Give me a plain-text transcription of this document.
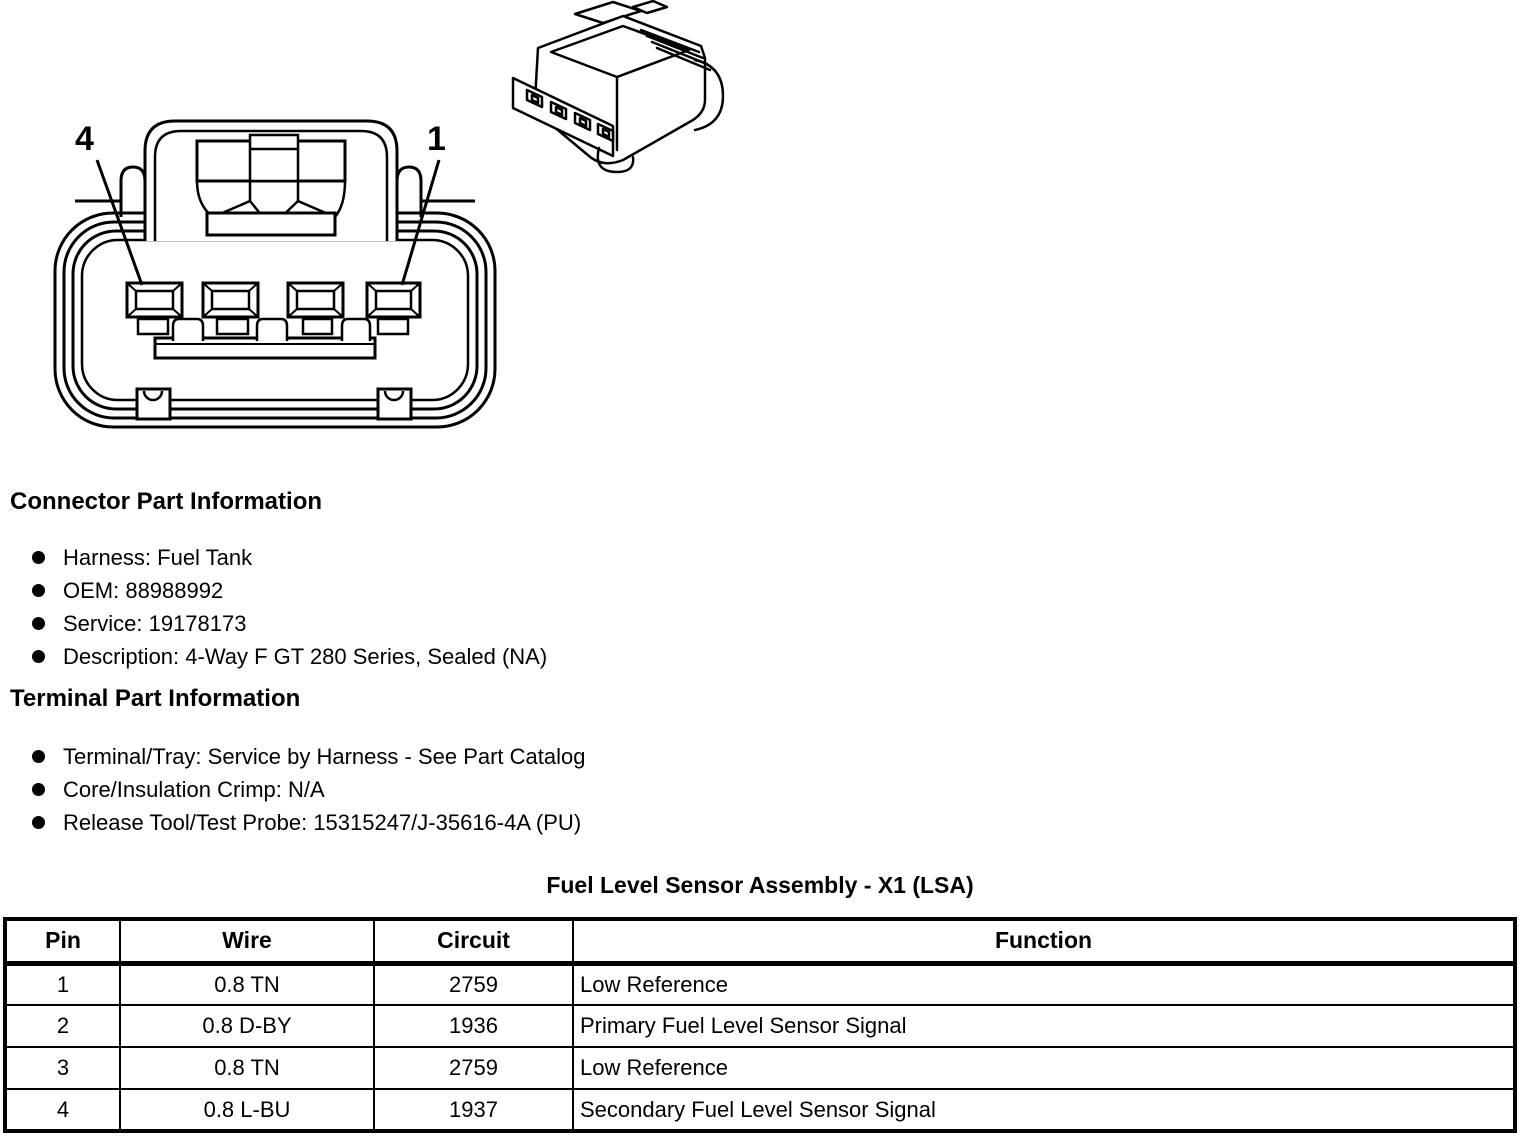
4	1
Connector Part Information
Harness: Fuel Tank
OEM: 88988992
Service: 19178173
Description: 4-Way F GT 280 Series, Sealed (NA)
Terminal Part Information
Terminal/Tray: Service by Harness - See Part Catalog
Core/Insulation Crimp: N/A
Release Tool/Test Probe: 15315247/J-35616-4A (PU)
Fuel Level Sensor Assembly - X1 (LSA)
Pin	Wire	Circuit	Function
1	0.8 TN	2759	Low Reference
2	0.8 D-BY	1936	Primary Fuel Level Sensor Signal
3	0.8 TN	2759	Low Reference
4	0.8 L-BU	1937	Secondary Fuel Level Sensor Signal
